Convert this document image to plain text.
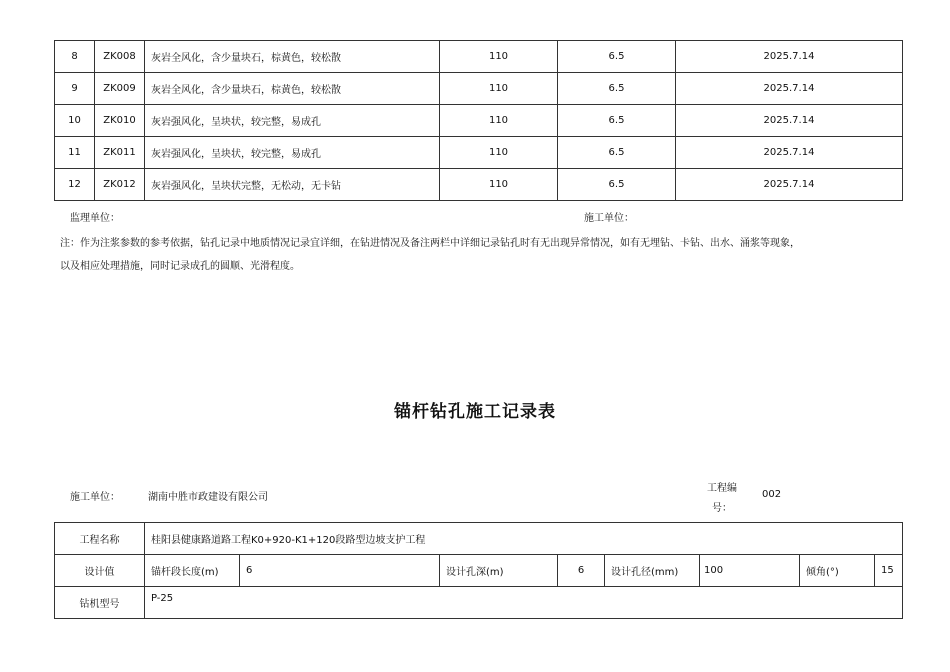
8	ZK008	灰岩全风化，含少量块石，棕黄色，较松散	110	6.5	2025.7.14
9	ZK009	灰岩全风化，含少量块石，棕黄色，较松散	110	6.5	2025.7.14
10	ZK010	灰岩强风化，呈块状，较完整，易成孔	110	6.5	2025.7.14
11	ZK011	灰岩强风化，呈块状，较完整，易成孔	110	6.5	2025.7.14
12	ZK012	灰岩强风化，呈块状完整，无松动，无卡钻	110	6.5	2025.7.14
监理单位：	施工单位：
注：作为注浆参数的参考依据，钻孔记录中地质情况记录宜详细，在钻进情况及备注两栏中详细记录钻孔时有无出现异常情况，如有无埋钻、卡钻、出水、涌浆等现象，
以及相应处理措施，同时记录成孔的圆顺、光滑程度。
锚杆钻孔施工记录表
施工单位：	湖南中胜市政建设有限公司
工程编
号：
002
工程名称	桂阳县健康路道路工程K0+920-K1+120段路型边坡支护工程							
设计值	锚杆段长度(m)	6	设计孔深(m)	6	设计孔径(mm)	100	倾角(°)	15
钻机型号	P-25							
